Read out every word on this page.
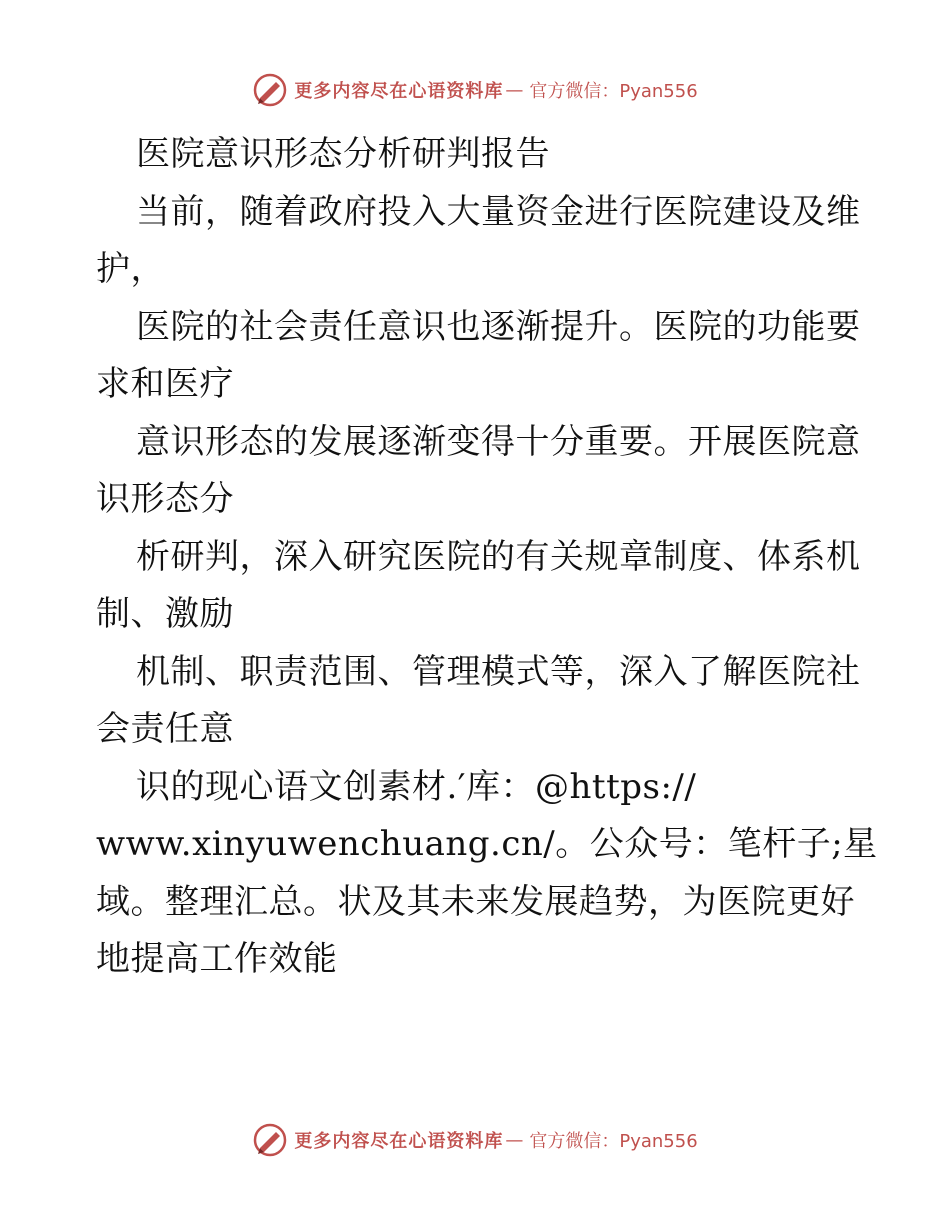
更多内容尽在心语资料库 — 官方微信：Pyan556
医院意识形态分析研判报告
当前，随着政府投入大量资金进行医院建设及维
护，
医院的社会责任意识也逐渐提升。医院的功能要
求和医疗
意识形态的发展逐渐变得十分重要。开展医院意
识形态分
析研判，深入研究医院的有关规章制度、体系机
制、激励
机制、职责范围、管理模式等，深入了解医院社
会责任意
识的现心语文创素材.′库：@https://
www.xinyuwenchuang.cn/。公众号：笔杆子;星
域。整理汇总。状及其未来发展趋势，为医院更好
地提高工作效能
更多内容尽在心语资料库 — 官方微信：Pyan556
